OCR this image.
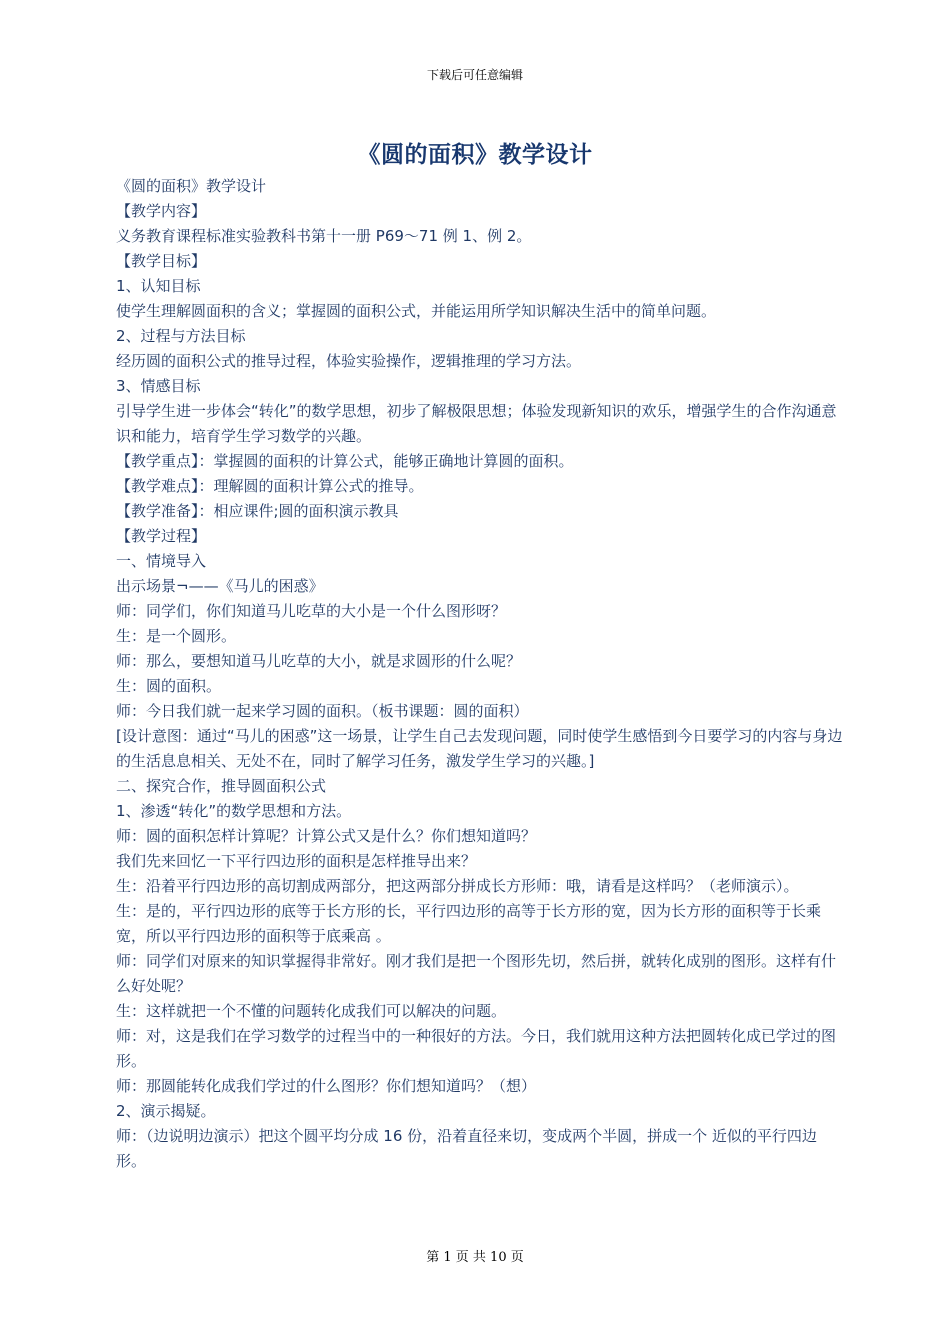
下载后可任意编辑
《圆的面积》教学设计

《圆的面积》教学设计

【教学内容】

义务教育课程标准实验教科书第十一册 P69～71 例 1、例 2。

【教学目标】

1、认知目标

使学生理解圆面积的含义；掌握圆的面积公式，并能运用所学知识解决生活中的简单问题。

2、过程与方法目标

经历圆的面积公式的推导过程，体验实验操作，逻辑推理的学习方法。

3、情感目标

引导学生进一步体会“转化”的数学思想，初步了解极限思想；体验发现新知识的欢乐，增强学生的合作沟通意识和能力，培育学生学习数学的兴趣。

【教学重点】：掌握圆的面积的计算公式，能够正确地计算圆的面积。

【教学难点】：理解圆的面积计算公式的推导。

【教学准备】：相应课件;圆的面积演示教具

【教学过程】

一、情境导入

出示场景¬——《马儿的困惑》

师：同学们，你们知道马儿吃草的大小是一个什么图形呀？

生：是一个圆形。

师：那么，要想知道马儿吃草的大小，就是求圆形的什么呢？

生：圆的面积。

师：今日我们就一起来学习圆的面积。（板书课题：圆的面积）

[设计意图：通过“马儿的困惑”这一场景，让学生自己去发现问题，同时使学生感悟到今日要学习的内容与身边的生活息息相关、无处不在，同时了解学习任务，激发学生学习的兴趣。]

二、探究合作，推导圆面积公式

1、渗透“转化”的数学思想和方法。

师：圆的面积怎样计算呢？计算公式又是什么？你们想知道吗？

我们先来回忆一下平行四边形的面积是怎样推导出来？

生：沿着平行四边形的高切割成两部分，把这两部分拼成长方形师：哦，请看是这样吗？（老师演示）。

生：是的，平行四边形的底等于长方形的长，平行四边形的高等于长方形的宽，因为长方形的面积等于长乘宽，所以平行四边形的面积等于底乘高 。

师：同学们对原来的知识掌握得非常好。刚才我们是把一个图形先切，然后拼，就转化成别的图形。这样有什么好处呢？

生：这样就把一个不懂的问题转化成我们可以解决的问题。

师：对，这是我们在学习数学的过程当中的一种很好的方法。今日，我们就用这种方法把圆转化成已学过的图形。

师：那圆能转化成我们学过的什么图形？你们想知道吗？（想）

2、演示揭疑。

师：（边说明边演示）把这个圆平均分成 16 份，沿着直径来切，变成两个半圆，拼成一个 近似的平行四边形。

第 1 页 共 10 页
